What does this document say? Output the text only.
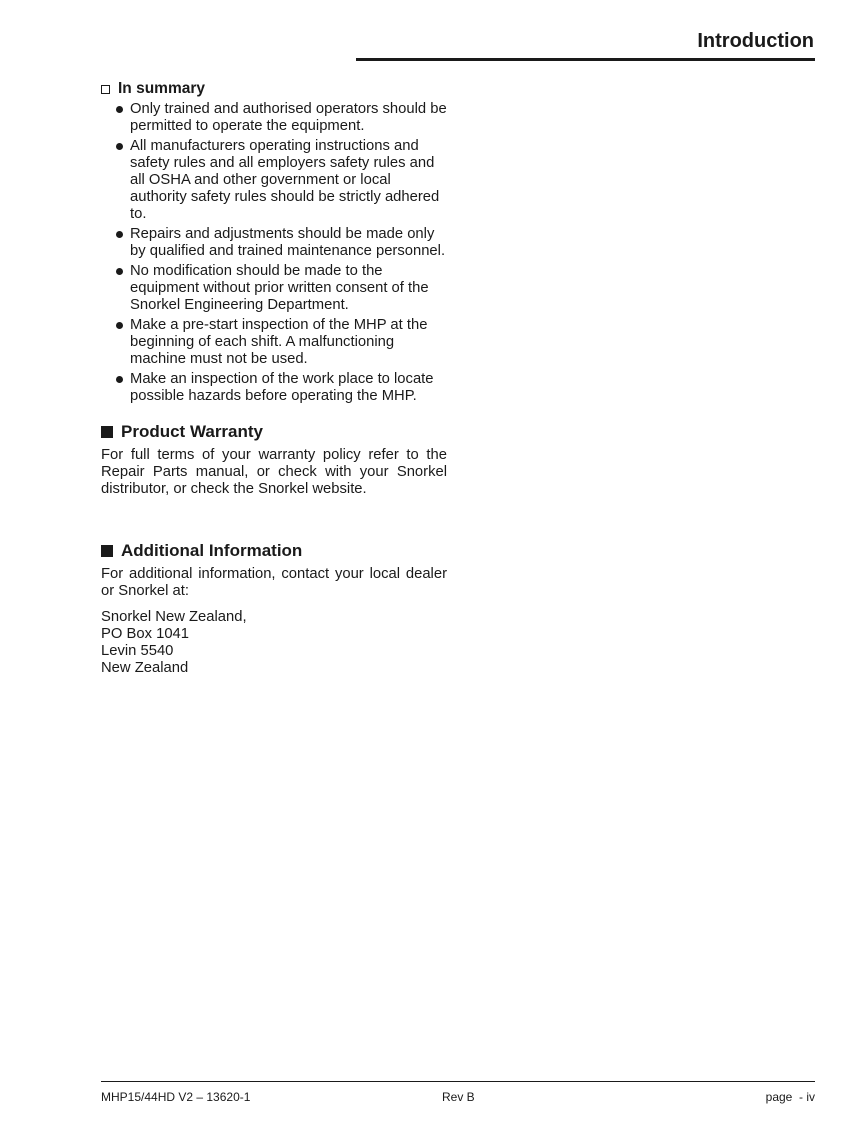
Introduction
In summary
Only trained and authorised operators should be permitted to operate the equipment.
All manufacturers operating instructions and safety rules and all employers safety rules and all OSHA and other government or local authority safety rules should be strictly adhered to.
Repairs and adjustments should be made only by qualified and trained maintenance personnel.
No modification should be made to the equipment without prior written consent of the Snorkel Engineering Department.
Make a pre-start inspection of the MHP at the beginning of each shift. A malfunctioning machine must not be used.
Make an inspection of the work place to locate possible hazards before operating the MHP.
Product Warranty

For full terms of your warranty policy refer to the Repair Parts manual, or check with your Snorkel distributor, or check the Snorkel website.

Additional Information

For additional information, contact your local dealer or Snorkel at:

Snorkel New Zealand,
PO Box 1041
Levin 5540
New Zealand
MHP15/44HD V2 – 13620-1	Rev B	page  - iv
